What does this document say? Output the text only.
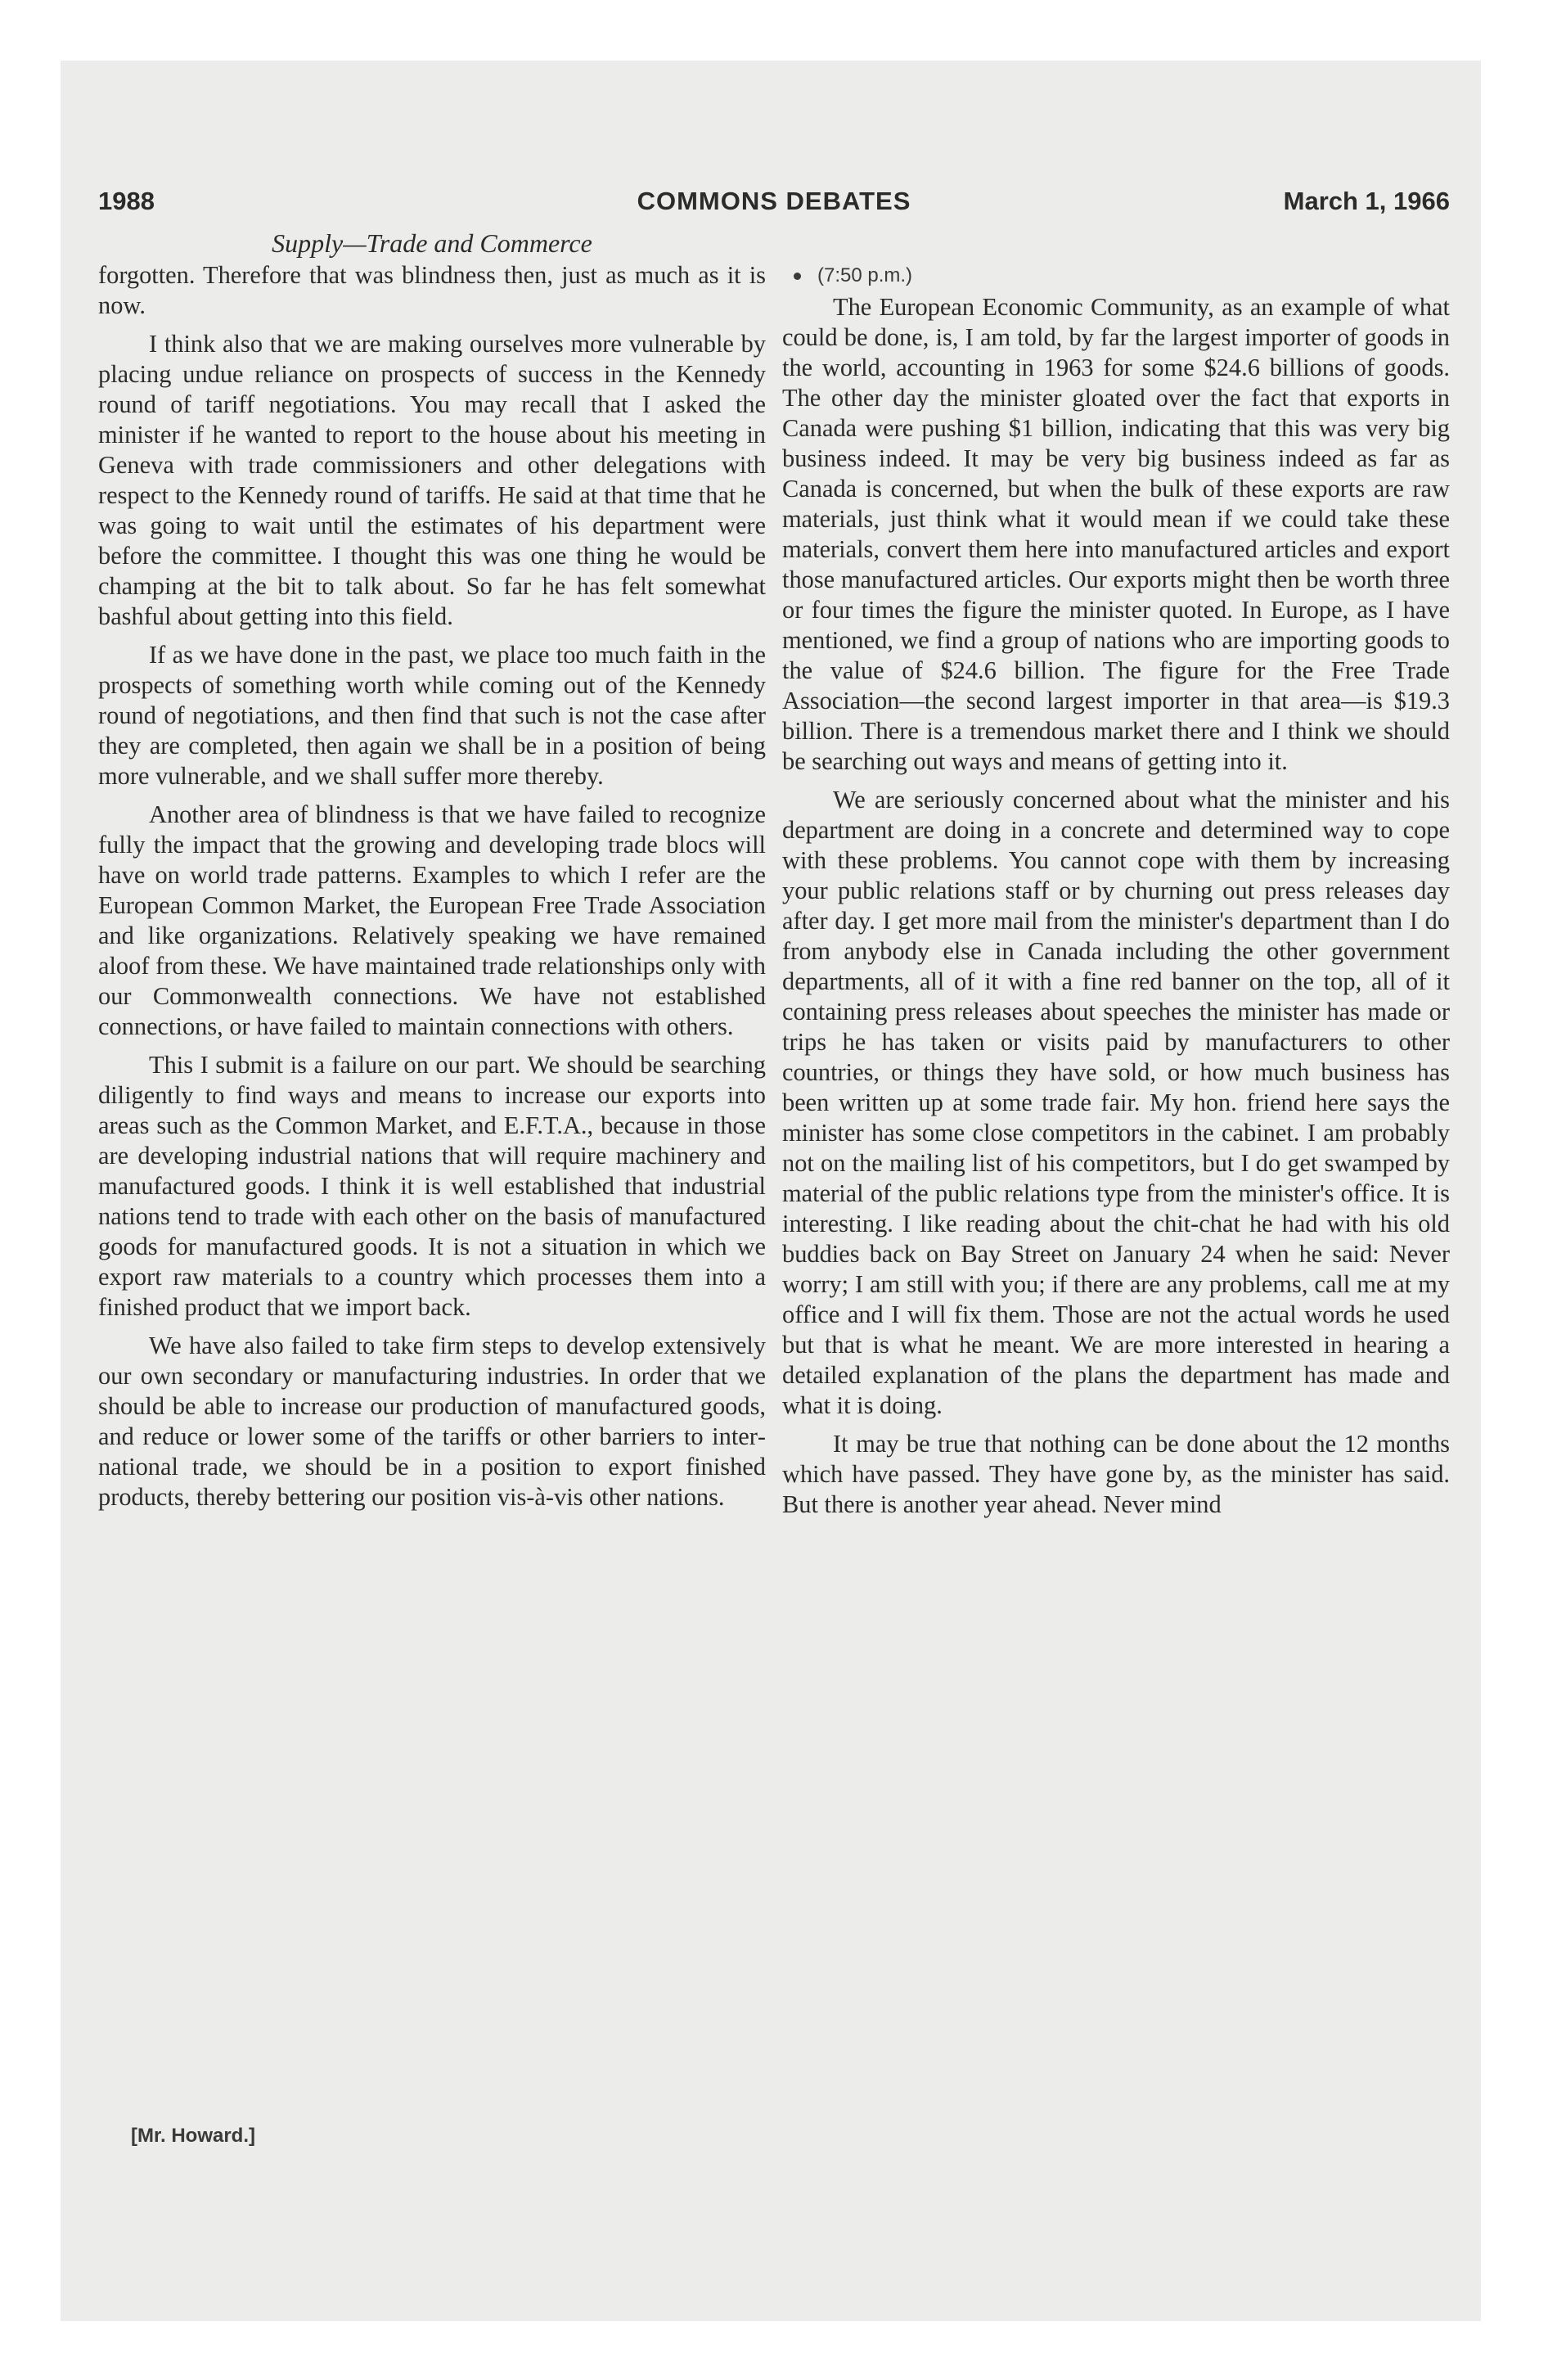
1988	COMMONS DEBATES	March 1, 1966
Supply—Trade and Commerce

forgotten. Therefore that was blindness then, just as much as it is now.

I think also that we are making ourselves more vulnerable by placing undue reliance on prospects of success in the Kennedy round of tariff negotiations. You may recall that I asked the minister if he wanted to report to the house about his meeting in Geneva with trade commissioners and other delegations with respect to the Kennedy round of tariffs. He said at that time that he was going to wait until the estimates of his department were before the committee. I thought this was one thing he would be champing at the bit to talk about. So far he has felt somewhat bashful about getting into this field.

If as we have done in the past, we place too much faith in the prospects of something worth while coming out of the Kennedy round of negotiations, and then find that such is not the case after they are completed, then again we shall be in a position of being more vulnerable, and we shall suffer more thereby.

Another area of blindness is that we have failed to recognize fully the impact that the growing and developing trade blocs will have on world trade patterns. Examples to which I refer are the European Common Market, the European Free Trade Association and like organizations. Relatively speaking we have remained aloof from these. We have maintained trade relationships only with our Commonwealth connections. We have not established connections, or have failed to maintain connections with others.

This I submit is a failure on our part. We should be searching diligently to find ways and means to increase our exports into areas such as the Common Market, and E.F.T.A., because in those are developing industrial nations that will require machinery and manufactured goods. I think it is well established that industrial nations tend to trade with each other on the basis of manufactured goods for manufactured goods. It is not a situation in which we export raw materials to a country which processes them into a finished product that we import back.

We have also failed to take firm steps to develop extensively our own secondary or manufacturing industries. In order that we should be able to increase our production of manufactured goods, and reduce or lower some of the tariffs or other barriers to international trade, we should be in a position to export finished products, thereby bettering our position vis-à-vis other nations.

[Mr. Howard.]
(7:50 p.m.)

The European Economic Community, as an example of what could be done, is, I am told, by far the largest importer of goods in the world, accounting in 1963 for some $24.6 billions of goods. The other day the minister gloated over the fact that exports in Canada were pushing $1 billion, indicating that this was very big business indeed. It may be very big business indeed as far as Canada is concerned, but when the bulk of these exports are raw materials, just think what it would mean if we could take these materials, convert them here into manufactured articles and export those manufactured articles. Our exports might then be worth three or four times the figure the minister quoted. In Europe, as I have mentioned, we find a group of nations who are importing goods to the value of $24.6 billion. The figure for the Free Trade Association—the second largest importer in that area—is $19.3 billion. There is a tremendous market there and I think we should be searching out ways and means of getting into it.

We are seriously concerned about what the minister and his department are doing in a concrete and determined way to cope with these problems. You cannot cope with them by increasing your public relations staff or by churning out press releases day after day. I get more mail from the minister's department than I do from anybody else in Canada including the other government departments, all of it with a fine red banner on the top, all of it containing press releases about speeches the minister has made or trips he has taken or visits paid by manufacturers to other countries, or things they have sold, or how much business has been written up at some trade fair. My hon. friend here says the minister has some close competitors in the cabinet. I am probably not on the mailing list of his competitors, but I do get swamped by material of the public relations type from the minister's office. It is interesting. I like reading about the chit-chat he had with his old buddies back on Bay Street on January 24 when he said: Never worry; I am still with you; if there are any problems, call me at my office and I will fix them. Those are not the actual words he used but that is what he meant. We are more interested in hearing a detailed explanation of the plans the department has made and what it is doing.

It may be true that nothing can be done about the 12 months which have passed. They have gone by, as the minister has said. But there is another year ahead. Never mind
